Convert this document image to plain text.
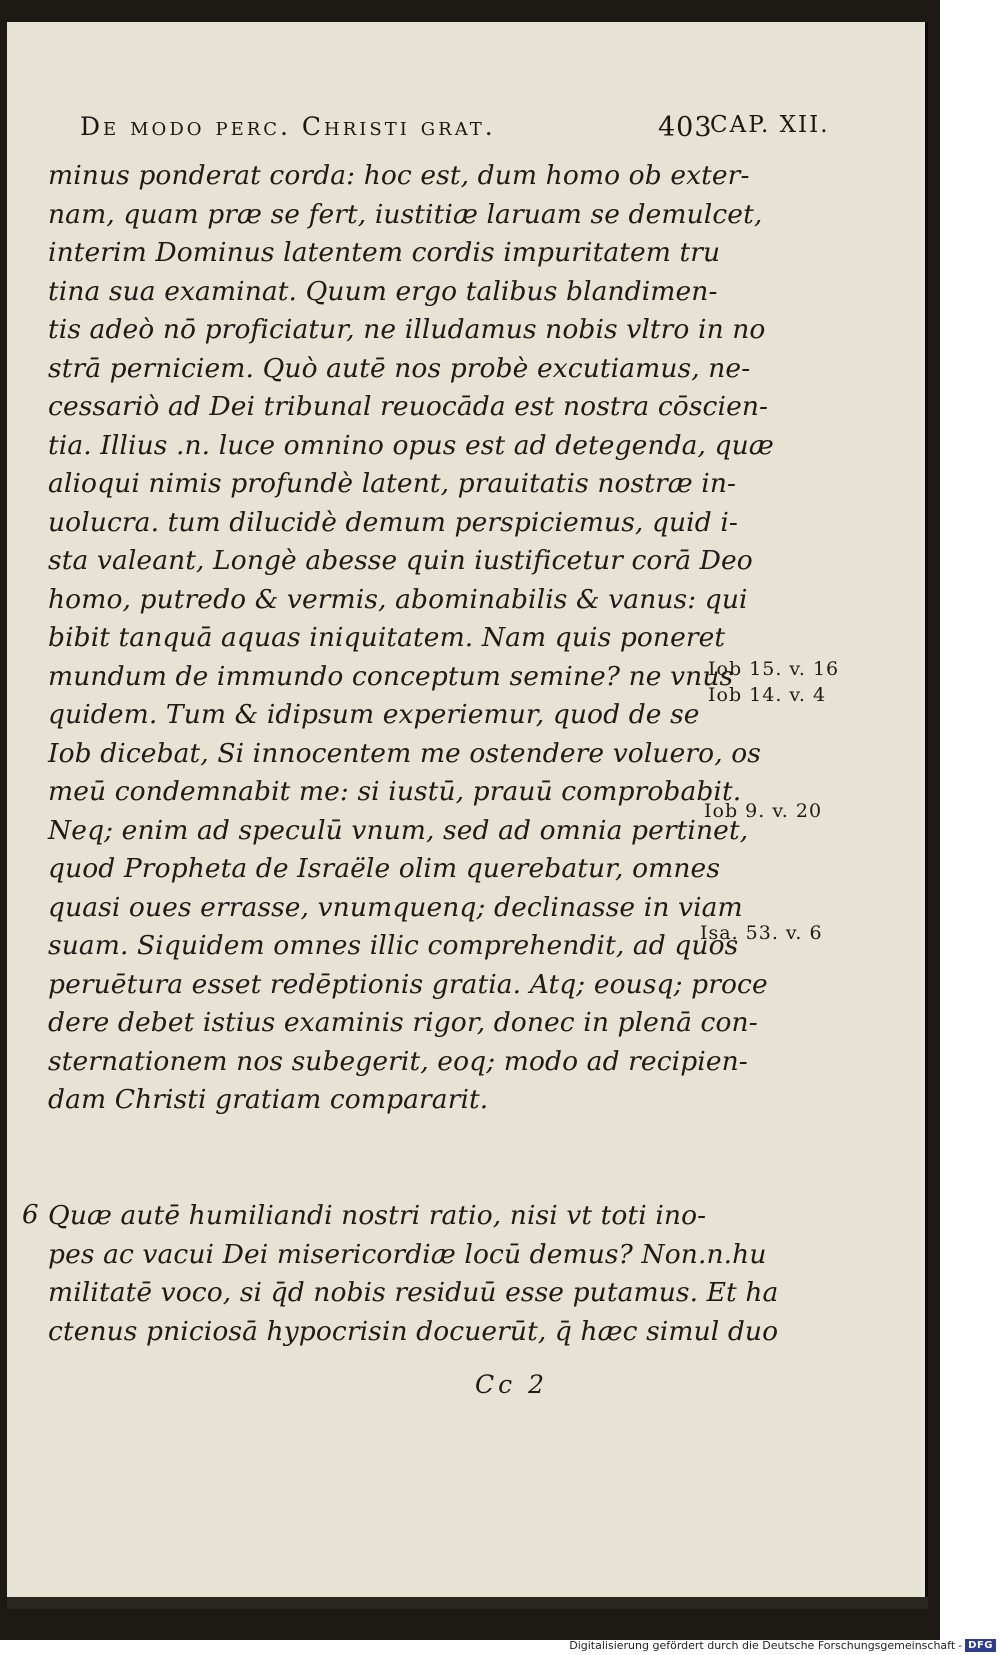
De modo perc. Christi grat.	403
CAP. XII.
minus ponderat corda: hoc est, dum homo ob exter-
nam, quam præ se fert, iustitiæ laruam se demulcet,
interim Dominus latentem cordis impuritatem tru
tina sua examinat. Quum ergo talibus blandimen-
tis adeò nō proficiatur, ne illudamus nobis vltro in no
strā perniciem. Quò autē nos probè excutiamus, ne-
cessariò ad Dei tribunal reuocāda est nostra cōscien-
tia. Illius .n. luce omnino opus est ad detegenda, quæ
alioqui nimis profundè latent, prauitatis nostræ in-
uolucra. tum dilucidè demum perspiciemus, quid i-
sta valeant, Longè abesse quin iustificetur corā Deo
homo, putredo & vermis, abominabilis & vanus: qui
bibit tanquā aquas iniquitatem. Nam quis poneret
mundum de immundo conceptum semine? ne vnus
quidem. Tum & idipsum experiemur, quod de se
Iob dicebat, Si innocentem me ostendere voluero, os
meū condemnabit me: si iustū, prauū comprobabit.
Neq; enim ad speculū vnum, sed ad omnia pertinet,
quod Propheta de Israële olim querebatur, omnes
quasi oues errasse, vnumquenq; declinasse in viam
suam. Siquidem omnes illic comprehendit, ad quos
peruētura esset redēptionis gratia. Atq; eousq; proce
dere debet istius examinis rigor, donec in plenā con-
sternationem nos subegerit, eoq; modo ad recipien-
dam Christi gratiam compararit.
Quæ autē humiliandi nostri ratio, nisi vt toti ino-
pes ac vacui Dei misericordiæ locū demus? Non.n.hu
militatē voco, si q̄d nobis residuū esse putamus. Et ha
ctenus pniciosā hypocrisin docuerūt, q̄ hæc simul duo
6
Iob 15. v. 16
Iob 14. v. 4
Iob 9. v. 20
Isa. 53. v. 6
Cc 2
Digitalisierung gefördert durch die Deutsche Forschungsgemeinschaft - DFG
